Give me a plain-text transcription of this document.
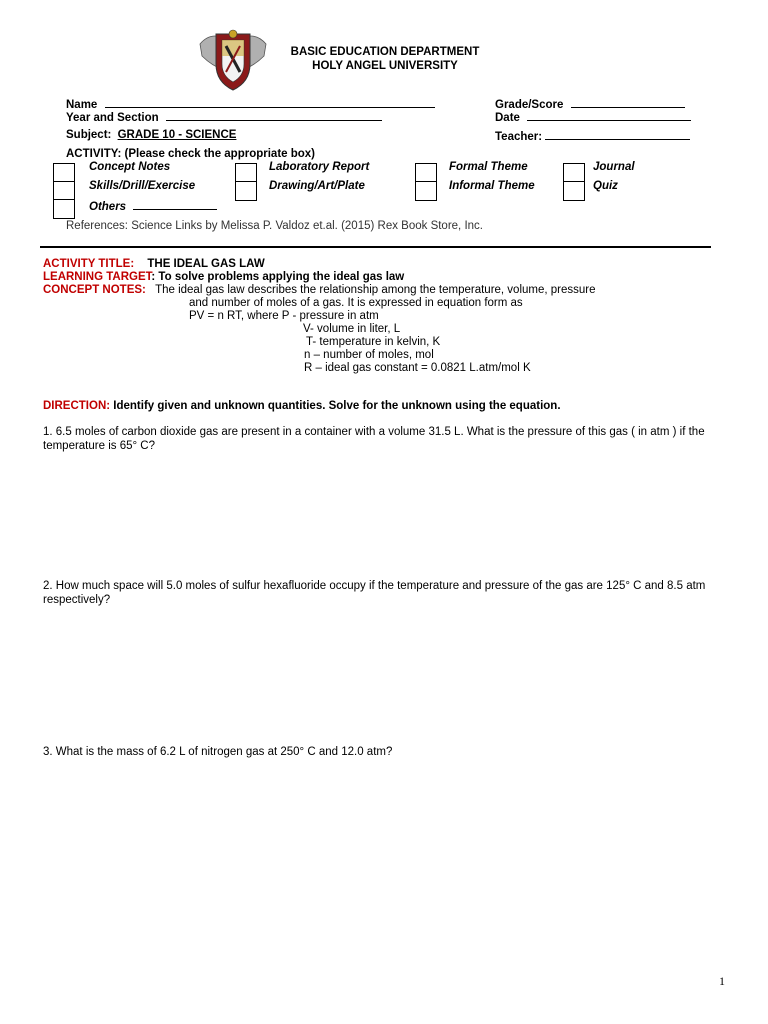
BASIC EDUCATION DEPARTMENT
HOLY ANGEL UNIVERSITY
Name
Year and Section
Subject: GRADE 10 - SCIENCE
Grade/Score
Date
Teacher:
ACTIVITY: (Please check the appropriate box)
Concept Notes
Skills/Drill/Exercise
Others
Laboratory Report
Drawing/Art/Plate
Formal Theme
Informal Theme
Journal
Quiz
References: Science Links by Melissa P. Valdoz et.al. (2015) Rex Book Store, Inc.
ACTIVITY TITLE: THE IDEAL GAS LAW
LEARNING TARGET: To solve problems applying the ideal gas law
CONCEPT NOTES: The ideal gas law describes the relationship among the temperature, volume, pressure
and number of moles of a gas. It is expressed in equation form as
PV = n RT, where P - pressure in atm
V- volume in liter, L
T- temperature in kelvin, K
n – number of moles, mol
R – ideal gas constant = 0.0821 L.atm/mol K
DIRECTION: Identify given and unknown quantities. Solve for the unknown using the equation.
1. 6.5 moles of carbon dioxide gas are present in a container with a volume 31.5 L. What is the pressure of this gas ( in atm ) if the temperature is 65° C?
2. How much space will 5.0 moles of sulfur hexafluoride occupy if the temperature and pressure of the gas are 125° C and 8.5 atm respectively?
3. What is the mass of 6.2 L of nitrogen gas at 250° C and 12.0 atm?
1
